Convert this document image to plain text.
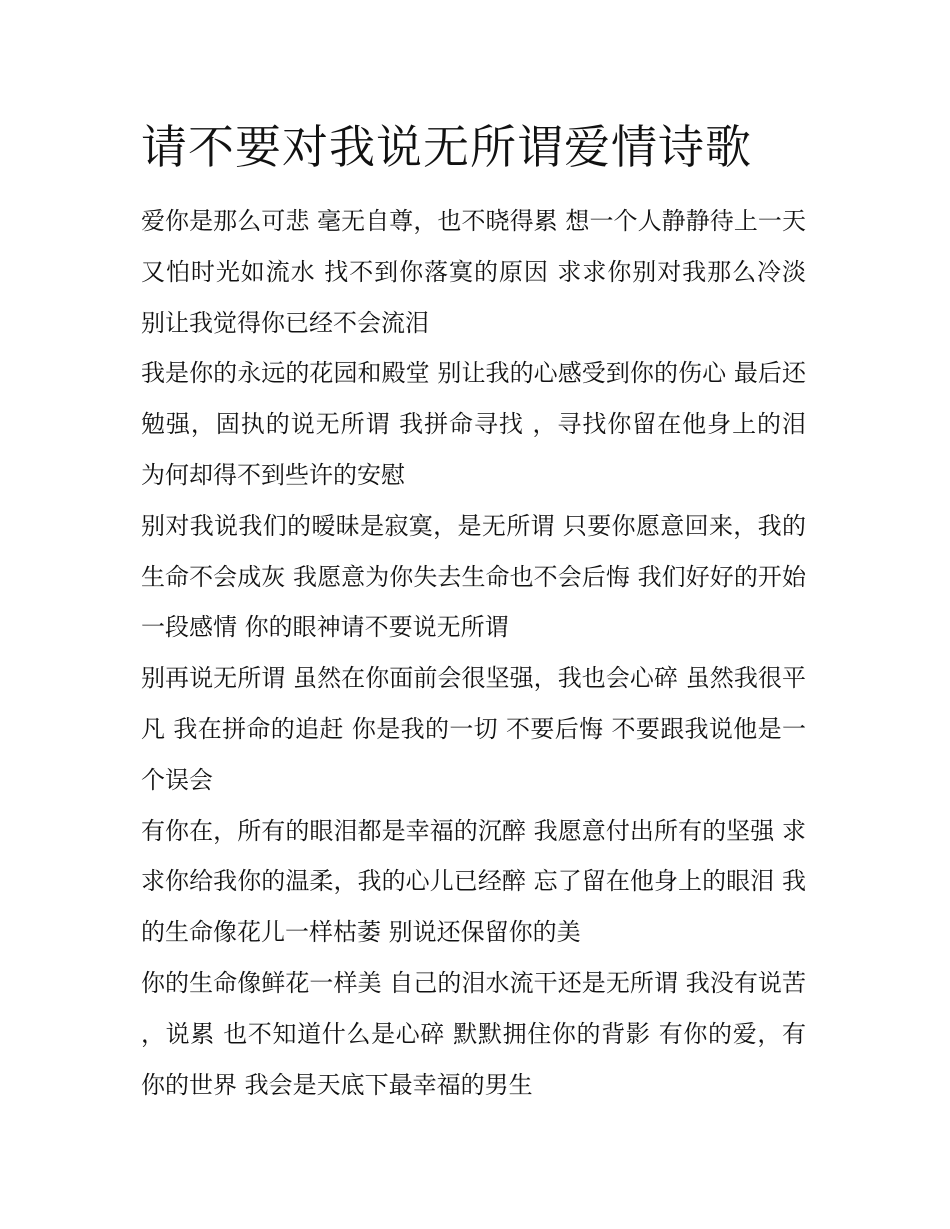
请不要对我说无所谓爱情诗歌

爱你是那么可悲 毫无自尊，也不晓得累 想一个人静静待上一天 又怕时光如流水 找不到你落寞的原因 求求你别对我那么冷淡 别让我觉得你已经不会流泪

我是你的永远的花园和殿堂 别让我的心感受到你的伤心 最后还勉强，固执的说无所谓 我拼命寻找 ，寻找你留在他身上的泪 为何却得不到些许的安慰

别对我说我们的暧昧是寂寞，是无所谓 只要你愿意回来，我的生命不会成灰 我愿意为你失去生命也不会后悔 我们好好的开始一段感情 你的眼神请不要说无所谓

别再说无所谓 虽然在你面前会很坚强，我也会心碎 虽然我很平凡 我在拼命的追赶 你是我的一切 不要后悔 不要跟我说他是一个误会

有你在，所有的眼泪都是幸福的沉醉 我愿意付出所有的坚强 求求你给我你的温柔，我的心儿已经醉 忘了留在他身上的眼泪 我的生命像花儿一样枯萎 别说还保留你的美

你的生命像鲜花一样美 自己的泪水流干还是无所谓 我没有说苦，说累 也不知道什么是心碎 默默拥住你的背影 有你的爱，有你的世界 我会是天底下最幸福的男生
